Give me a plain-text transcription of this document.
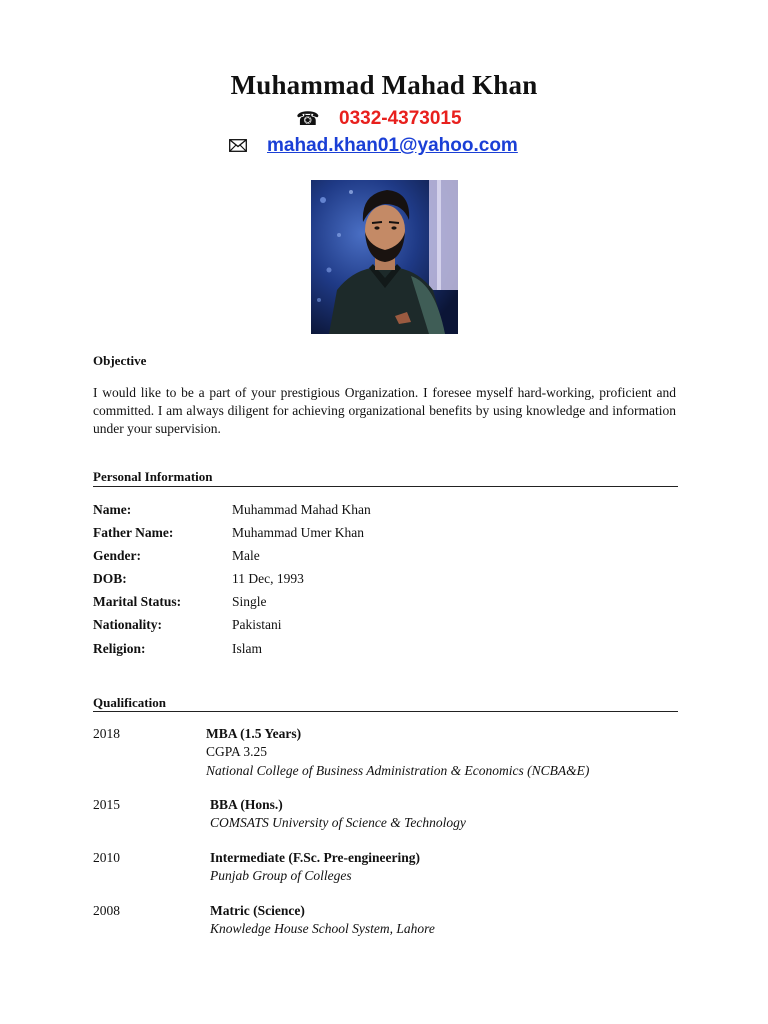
Muhammad Mahad Khan
☎ 0332-4373015
mahad.khan01@yahoo.com
Objective
I would like to be a part of your prestigious Organization. I foresee myself hard-working, proficient and committed. I am always diligent for achieving organizational benefits by using knowledge and information under your supervision.
Personal Information
Name:	Muhammad Mahad Khan
Father Name:	Muhammad Umer Khan
Gender:	Male
DOB:	11 Dec, 1993
Marital Status:	Single
Nationality:	Pakistani
Religion:	Islam
Qualification
2018	MBA (1.5 Years)
CGPA 3.25
National College of Business Administration & Economics (NCBA&E)
2015	BBA (Hons.)
COMSATS University of Science & Technology
2010	Intermediate (F.Sc. Pre-engineering)
Punjab Group of Colleges
2008	Matric (Science)
Knowledge House School System, Lahore
